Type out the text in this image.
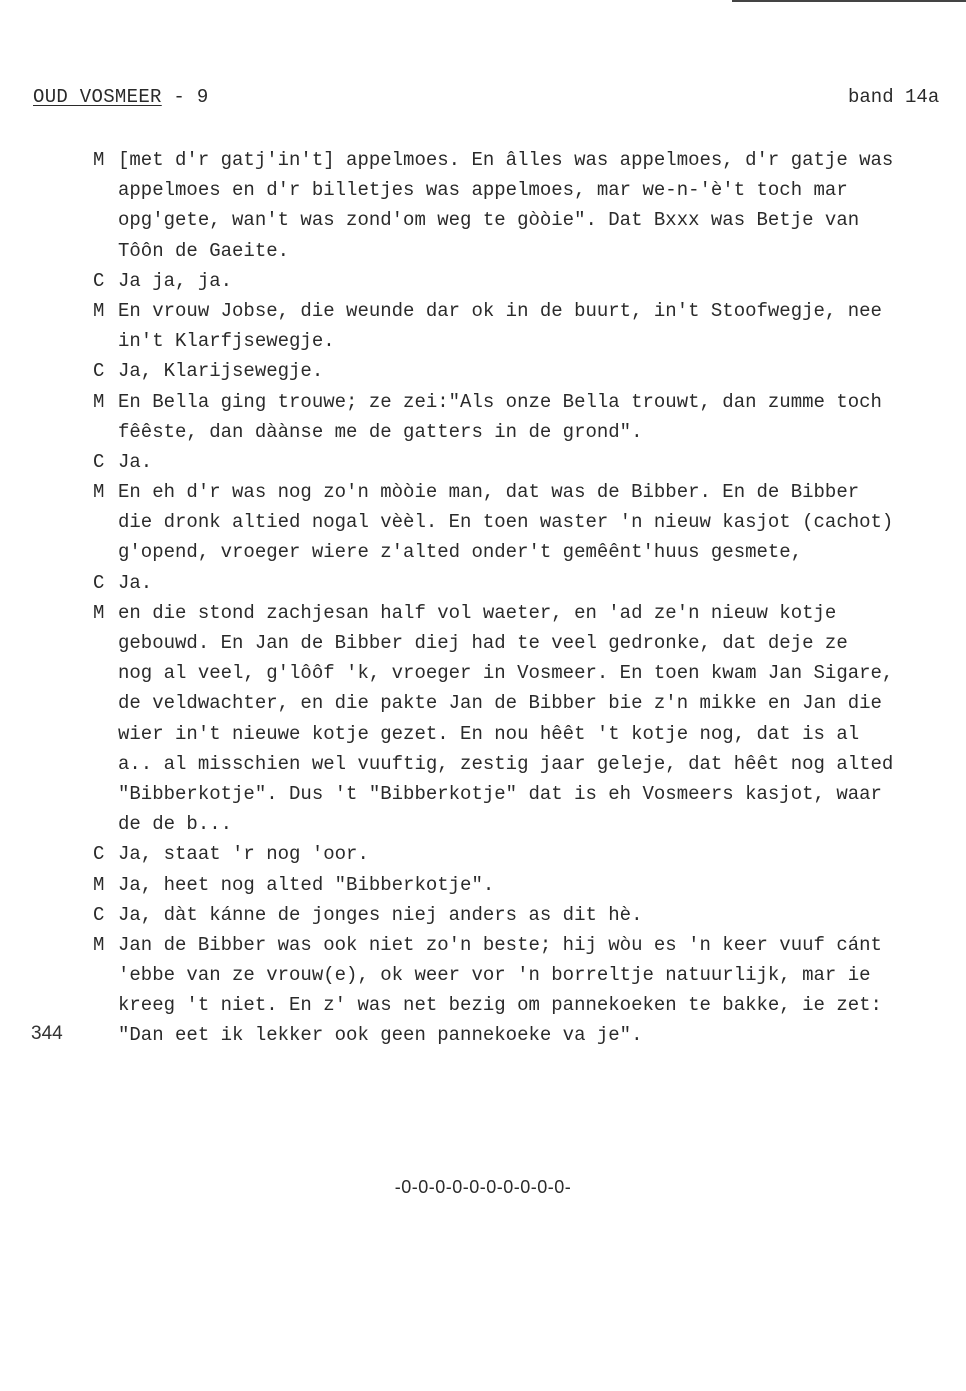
OUD VOSMEER - 9	band 14a
M [met d'r gatj'in't] appelmoes. En âlles was appelmoes, d'r gatje was
appelmoes en d'r billetjes was appelmoes, mar we-n-'è't toch mar
opg'gete, wan't was zond'om weg te gòòie". Dat Bxxx was Betje van
Tôôn de Gaeite.
C Ja ja, ja.
M En vrouw Jobse, die weunde dar ok in de buurt, in't Stoofwegje, nee
in't Klarfjsewegje.
C Ja, Klarijsewegje.
M En Bella ging trouwe; ze zei:"Als onze Bella trouwt, dan zumme toch
fêêste, dan dàànse me de gatters in de grond".
C Ja.
M En eh d'r was nog zo'n mòòie man, dat was de Bibber. En de Bibber
die dronk altied nogal vèèl. En toen waster 'n nieuw kasjot (cachot)
g'opend, vroeger wiere z'alted onder't gemêênt'huus gesmete,
C Ja.
M en die stond zachjesan half vol waeter, en 'ad ze'n nieuw kotje
gebouwd. En Jan de Bibber diej had te veel gedronke, dat deje ze
nog al veel, g'lôôf 'k, vroeger in Vosmeer. En toen kwam Jan Sigare,
de veldwachter, en die pakte Jan de Bibber bie z'n mikke en Jan die
wier in't nieuwe kotje gezet. En nou hêêt 't kotje nog, dat is al
a.. al misschien wel vuuftig, zestig jaar geleje, dat hêêt nog alted
"Bibberkotje". Dus 't "Bibberkotje" dat is eh Vosmeers kasjot, waar
de de b...
C Ja, staat 'r nog 'oor.
M Ja, heet nog alted "Bibberkotje".
C Ja, dàt kánne de jonges niej anders as dit hè.
M Jan de Bibber was ook niet zo'n beste; hij wòu es 'n keer vuuf cánt
'ebbe van ze vrouw(e), ok weer vor 'n borreltje natuurlijk, mar ie
kreeg 't niet. En z' was net bezig om pannekoeken te bakke, ie zet:
"Dan eet ik lekker ook geen pannekoeke va je".
344
-0-0-0-0-0-0-0-0-0-0-
